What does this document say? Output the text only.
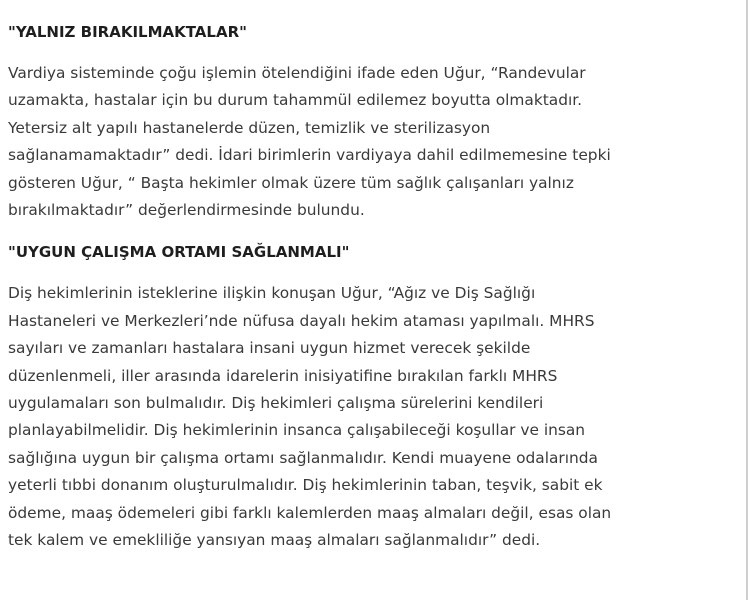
"YALNIZ BIRAKILMAKTALAR"

Vardiya sisteminde çoğu işlemin ötelendiğini ifade eden Uğur, “Randevular
uzamakta, hastalar için bu durum tahammül edilemez boyutta olmaktadır.
Yetersiz alt yapılı hastanelerde düzen, temizlik ve sterilizasyon
sağlanamamaktadır” dedi. İdari birimlerin vardiyaya dahil edilmemesine tepki
gösteren Uğur, “ Başta hekimler olmak üzere tüm sağlık çalışanları yalnız
bırakılmaktadır” değerlendirmesinde bulundu.

"UYGUN ÇALIŞMA ORTAMI SAĞLANMALI"

Diş hekimlerinin isteklerine ilişkin konuşan Uğur, “Ağız ve Diş Sağlığı
Hastaneleri ve Merkezleri’nde nüfusa dayalı hekim ataması yapılmalı. MHRS
sayıları ve zamanları hastalara insani uygun hizmet verecek şekilde
düzenlenmeli, iller arasında idarelerin inisiyatifine bırakılan farklı MHRS
uygulamaları son bulmalıdır. Diş hekimleri çalışma sürelerini kendileri
planlayabilmelidir. Diş hekimlerinin insanca çalışabileceği koşullar ve insan
sağlığına uygun bir çalışma ortamı sağlanmalıdır. Kendi muayene odalarında
yeterli tıbbi donanım oluşturulmalıdır. Diş hekimlerinin taban, teşvik, sabit ek
ödeme, maaş ödemeleri gibi farklı kalemlerden maaş almaları değil, esas olan
tek kalem ve emekliliğe yansıyan maaş almaları sağlanmalıdır” dedi.
